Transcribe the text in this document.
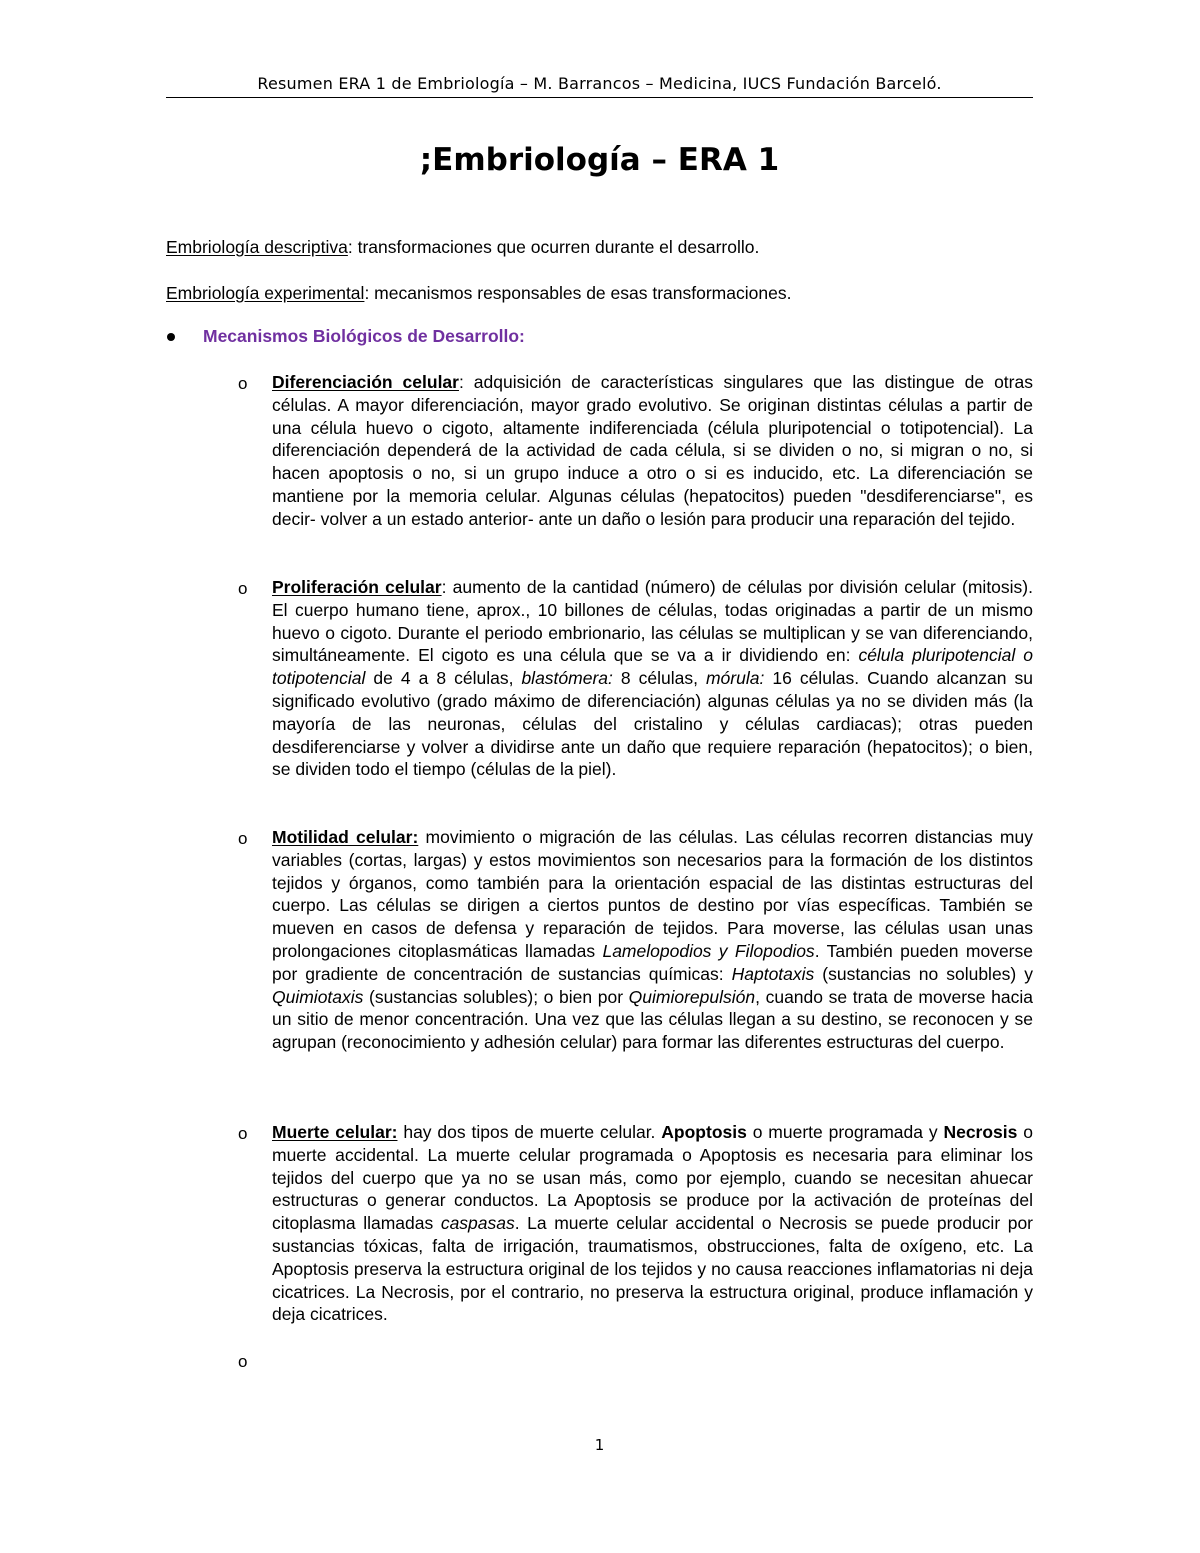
Resumen ERA 1 de Embriología – M. Barrancos – Medicina, IUCS Fundación Barceló.
;Embriología – ERA 1
Embriología descriptiva: transformaciones que ocurren durante el desarrollo.
Embriología experimental: mecanismos responsables de esas transformaciones.
Mecanismos Biológicos de Desarrollo:
o Diferenciación celular: adquisición de características singulares que las distingue de otras células. A mayor diferenciación, mayor grado evolutivo. Se originan distintas células a partir de una célula huevo o cigoto, altamente indiferenciada (célula pluripotencial o totipotencial). La diferenciación dependerá de la actividad de cada célula, si se dividen o no, si migran o no, si hacen apoptosis o no, si un grupo induce a otro o si es inducido, etc. La diferenciación se mantiene por la memoria celular. Algunas células (hepatocitos) pueden "desdiferenciarse", es decir- volver a un estado anterior- ante un daño o lesión para producir una reparación del tejido.
o Proliferación celular: aumento de la cantidad (número) de células por división celular (mitosis). El cuerpo humano tiene, aprox., 10 billones de células, todas originadas a partir de un mismo huevo o cigoto. Durante el periodo embrionario, las células se multiplican y se van diferenciando, simultáneamente. El cigoto es una célula que se va a ir dividiendo en: célula pluripotencial o totipotencial de 4 a 8 células, blastómera: 8 células, mórula: 16 células. Cuando alcanzan su significado evolutivo (grado máximo de diferenciación) algunas células ya no se dividen más (la mayoría de las neuronas, células del cristalino y células cardiacas); otras pueden desdiferenciarse y volver a dividirse ante un daño que requiere reparación (hepatocitos); o bien, se dividen todo el tiempo (células de la piel).
o Motilidad celular: movimiento o migración de las células. Las células recorren distancias muy variables (cortas, largas) y estos movimientos son necesarios para la formación de los distintos tejidos y órganos, como también para la orientación espacial de las distintas estructuras del cuerpo. Las células se dirigen a ciertos puntos de destino por vías específicas. También se mueven en casos de defensa y reparación de tejidos. Para moverse, las células usan unas prolongaciones citoplasmáticas llamadas Lamelopodios y Filopodios. También pueden moverse por gradiente de concentración de sustancias químicas: Haptotaxis (sustancias no solubles) y Quimiotaxis (sustancias solubles); o bien por Quimiorepulsión, cuando se trata de moverse hacia un sitio de menor concentración. Una vez que las células llegan a su destino, se reconocen y se agrupan (reconocimiento y adhesión celular) para formar las diferentes estructuras del cuerpo.
o Muerte celular: hay dos tipos de muerte celular. Apoptosis o muerte programada y Necrosis o muerte accidental. La muerte celular programada o Apoptosis es necesaria para eliminar los tejidos del cuerpo que ya no se usan más, como por ejemplo, cuando se necesitan ahuecar estructuras o generar conductos. La Apoptosis se produce por la activación de proteínas del citoplasma llamadas caspasas. La muerte celular accidental o Necrosis se puede producir por sustancias tóxicas, falta de irrigación, traumatismos, obstrucciones, falta de oxígeno, etc. La Apoptosis preserva la estructura original de los tejidos y no causa reacciones inflamatorias ni deja cicatrices. La Necrosis, por el contrario, no preserva la estructura original, produce inflamación y deja cicatrices.
o
1
